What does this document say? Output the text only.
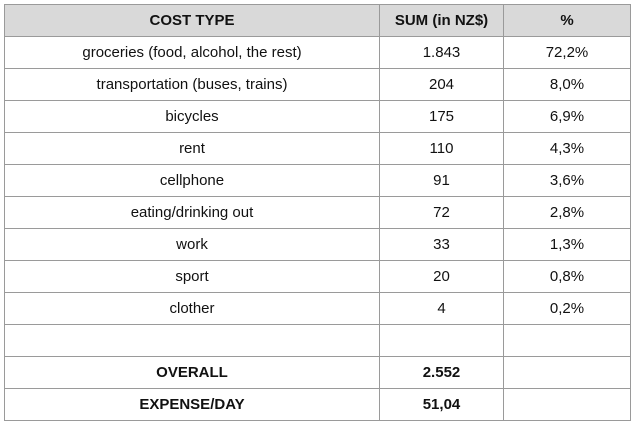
COST TYPE	SUM (in NZ$)	%
groceries (food, alcohol, the rest)	1.843	72,2%
transportation (buses, trains)	204	8,0%
bicycles	175	6,9%
rent	110	4,3%
cellphone	91	3,6%
eating/drinking out	72	2,8%
work	33	1,3%
sport	20	0,8%
clother	4	0,2%

OVERALL	2.552	
EXPENSE/DAY	51,04	
